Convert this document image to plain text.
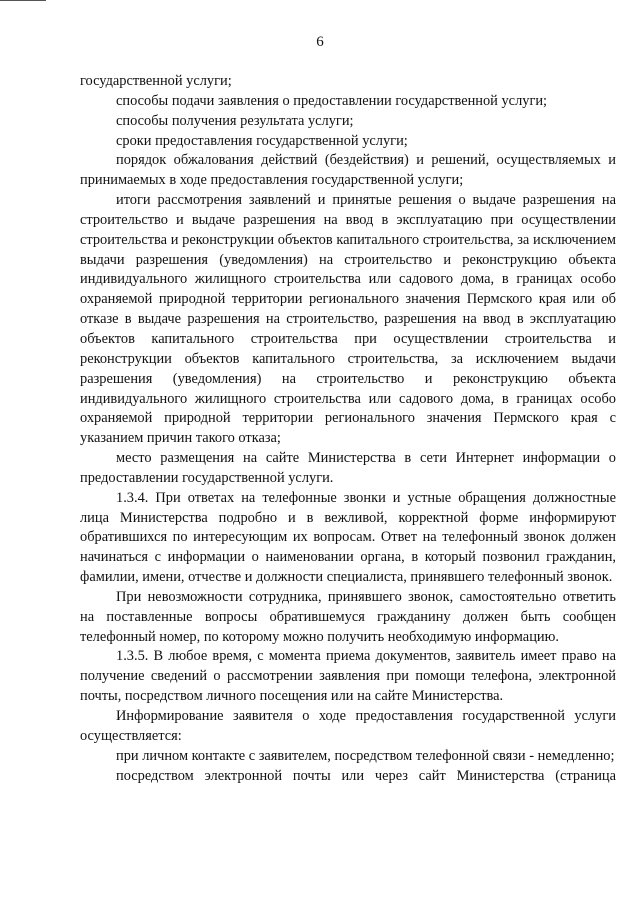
6

государственной услуги;

способы подачи заявления о предоставлении государственной услуги;

способы получения результата услуги;

сроки предоставления государственной услуги;

порядок обжалования действий (бездействия) и решений, осуществляемых и принимаемых в ходе предоставления государственной услуги;

итоги рассмотрения заявлений и принятые решения о выдаче разрешения на строительство и выдаче разрешения на ввод в эксплуатацию при осуществлении строительства и реконструкции объектов капитального строительства, за исключением выдачи разрешения (уведомления) на строительство и реконструкцию объекта индивидуального жилищного строительства или садового дома, в границах особо охраняемой природной территории регионального значения Пермского края или об отказе в выдаче разрешения на строительство, разрешения на ввод в эксплуатацию объектов капитального строительства при осуществлении строительства и реконструкции объектов капитального строительства, за исключением выдачи разрешения (уведомления) на строительство и реконструкцию объекта индивидуального жилищного строительства или садового дома, в границах особо охраняемой природной территории регионального значения Пермского края с указанием причин такого отказа;

место размещения на сайте Министерства в сети Интернет информации о предоставлении государственной услуги.

1.3.4. При ответах на телефонные звонки и устные обращения должностные лица Министерства подробно и в вежливой, корректной форме информируют обратившихся по интересующим их вопросам. Ответ на телефонный звонок должен начинаться с информации о наименовании органа, в который позвонил гражданин, фамилии, имени, отчестве и должности специалиста, принявшего телефонный звонок.

При невозможности сотрудника, принявшего звонок, самостоятельно ответить на поставленные вопросы обратившемуся гражданину должен быть сообщен телефонный номер, по которому можно получить необходимую информацию.

1.3.5. В любое время, с момента приема документов, заявитель имеет право на получение сведений о рассмотрении заявления при помощи телефона, электронной почты, посредством личного посещения или на сайте Министерства.

Информирование заявителя о ходе предоставления государственной услуги осуществляется:

при личном контакте с заявителем, посредством телефонной связи - немедленно;

посредством электронной почты или через сайт Министерства (страница
